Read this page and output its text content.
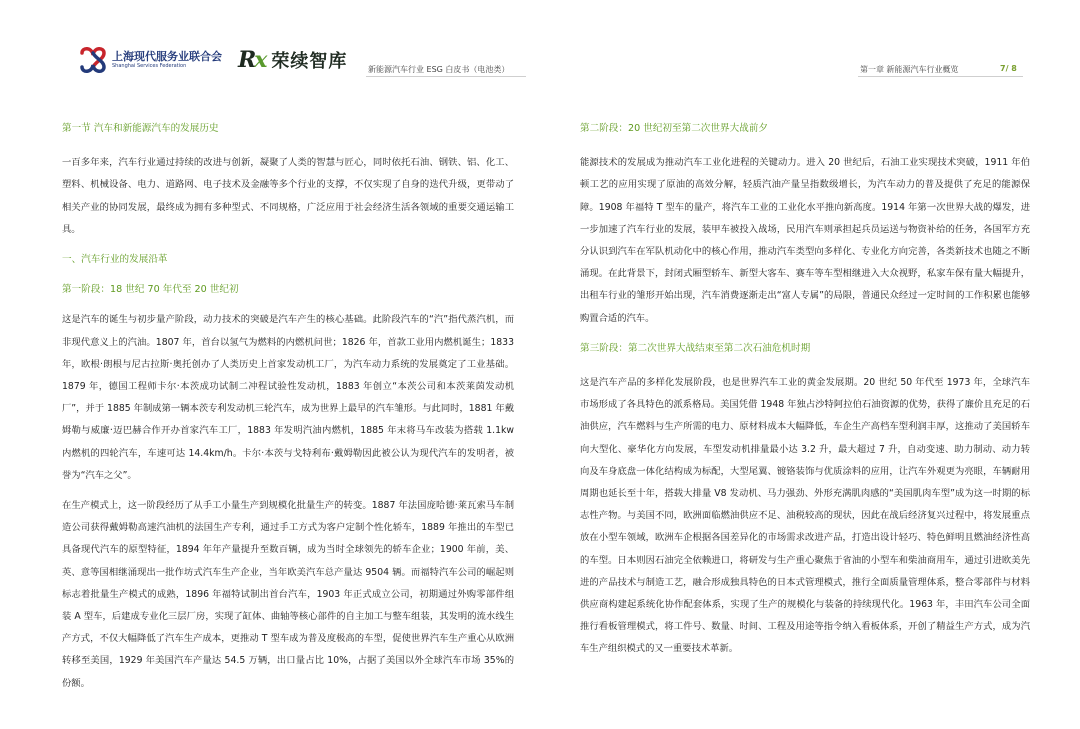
上海现代服务业联合会
Shanghai Services Federation	Rx 荣续智库	新能源汽车行业 ESG 白皮书（电池类）	第一章 新能源汽车行业概览	7/ 8
第一节 汽车和新能源汽车的发展历史

一百多年来，汽车行业通过持续的改进与创新，凝聚了人类的智慧与匠心，同时依托石油、钢铁、铝、化工、塑料、机械设备、电力、道路网、电子技术及金融等多个行业的支撑，不仅实现了自身的迭代升级，更带动了相关产业的协同发展，最终成为拥有多种型式、不同规格，广泛应用于社会经济生活各领域的重要交通运输工具。

一、汽车行业的发展沿革
第一阶段：18 世纪 70 年代至 20 世纪初

这是汽车的诞生与初步量产阶段，动力技术的突破是汽车产生的核心基础。此阶段汽车的“汽”指代蒸汽机，而非现代意义上的汽油。1807 年，首台以氢气为燃料的内燃机问世；1826 年，首款工业用内燃机诞生；1833 年，欧根·朗根与尼古拉斯·奥托创办了人类历史上首家发动机工厂，为汽车动力系统的发展奠定了工业基础。1879 年，德国工程师卡尔·本茨成功试制二冲程试验性发动机，1883 年创立“本茨公司和本茨莱茵发动机厂”，并于 1885 年制成第一辆本茨专利发动机三轮汽车，成为世界上最早的汽车雏形。与此同时，1881 年戴姆勒与威廉·迈巴赫合作开办首家汽车工厂，1883 年发明汽油内燃机，1885 年末将马车改装为搭载 1.1kw 内燃机的四轮汽车，车速可达 14.4km/h。卡尔·本茨与戈特利布·戴姆勒因此被公认为现代汽车的发明者，被誉为“汽车之父”。

在生产模式上，这一阶段经历了从手工小量生产到规模化批量生产的转变。1887 年法国庞哈德·莱瓦索马车制造公司获得戴姆勒高速汽油机的法国生产专利，通过手工方式为客户定制个性化轿车，1889 年推出的车型已具备现代汽车的原型特征，1894 年年产量提升至数百辆，成为当时全球领先的轿车企业；1900 年前，美、英、意等国相继涌现出一批作坊式汽车生产企业，当年欧美汽车总产量达 9504 辆。而福特汽车公司的崛起则标志着批量生产模式的成熟，1896 年福特试制出首台汽车，1903 年正式成立公司，初期通过外购零部件组装 A 型车，后建成专业化三层厂房，实现了缸体、曲轴等核心部件的自主加工与整车组装，其发明的流水线生产方式，不仅大幅降低了汽车生产成本，更推动 T 型车成为普及度极高的车型，促使世界汽车生产重心从欧洲转移至美国，1929 年美国汽车产量达 54.5 万辆，出口量占比 10%，占据了美国以外全球汽车市场 35%的份额。

第二阶段：20 世纪初至第二次世界大战前夕

能源技术的发展成为推动汽车工业化进程的关键动力。进入 20 世纪后，石油工业实现技术突破，1911 年伯顿工艺的应用实现了原油的高效分解，轻质汽油产量呈指数级增长，为汽车动力的普及提供了充足的能源保障。1908 年福特 T 型车的量产，将汽车工业的工业化水平推向新高度。1914 年第一次世界大战的爆发，进一步加速了汽车行业的发展，装甲车被投入战场，民用汽车则承担起兵员运送与物资补给的任务，各国军方充分认识到汽车在军队机动化中的核心作用，推动汽车类型向多样化、专业化方向完善，各类新技术也随之不断涌现。在此背景下，封闭式厢型轿车、新型大客车、赛车等车型相继进入大众视野，私家车保有量大幅提升，出租车行业的雏形开始出现，汽车消费逐渐走出“富人专属”的局限，普通民众经过一定时间的工作积累也能够购置合适的汽车。

第三阶段：第二次世界大战结束至第二次石油危机时期

这是汽车产品的多样化发展阶段，也是世界汽车工业的黄金发展期。20 世纪 50 年代至 1973 年，全球汽车市场形成了各具特色的派系格局。美国凭借 1948 年独占沙特阿拉伯石油资源的优势，获得了廉价且充足的石油供应，汽车燃料与生产所需的电力、原材料成本大幅降低，车企生产高档车型利润丰厚，这推动了美国轿车向大型化、豪华化方向发展，车型发动机排量最小达 3.2 升，最大超过 7 升，自动变速、助力制动、动力转向及车身底盘一体化结构成为标配，大型尾翼、镀铬装饰与优质涂料的应用，让汽车外观更为亮眼，车辆耐用周期也延长至十年，搭载大排量 V8 发动机、马力强劲、外形充满肌肉感的“美国肌肉车型”成为这一时期的标志性产物。与美国不同，欧洲面临燃油供应不足、油税较高的现状，因此在战后经济复兴过程中，将发展重点放在小型车领域，欧洲车企根据各国差异化的市场需求改进产品，打造出设计轻巧、特色鲜明且燃油经济性高的车型。日本则因石油完全依赖进口，将研发与生产重心聚焦于省油的小型车和柴油商用车，通过引进欧美先进的产品技术与制造工艺，融合形成独具特色的日本式管理模式，推行全面质量管理体系，整合零部件与材料供应商构建起系统化协作配套体系，实现了生产的规模化与装备的持续现代化。1963 年，丰田汽车公司全面推行看板管理模式，将工件号、数量、时间、工程及用途等指令纳入看板体系，开创了精益生产方式，成为汽车生产组织模式的又一重要技术革新。
